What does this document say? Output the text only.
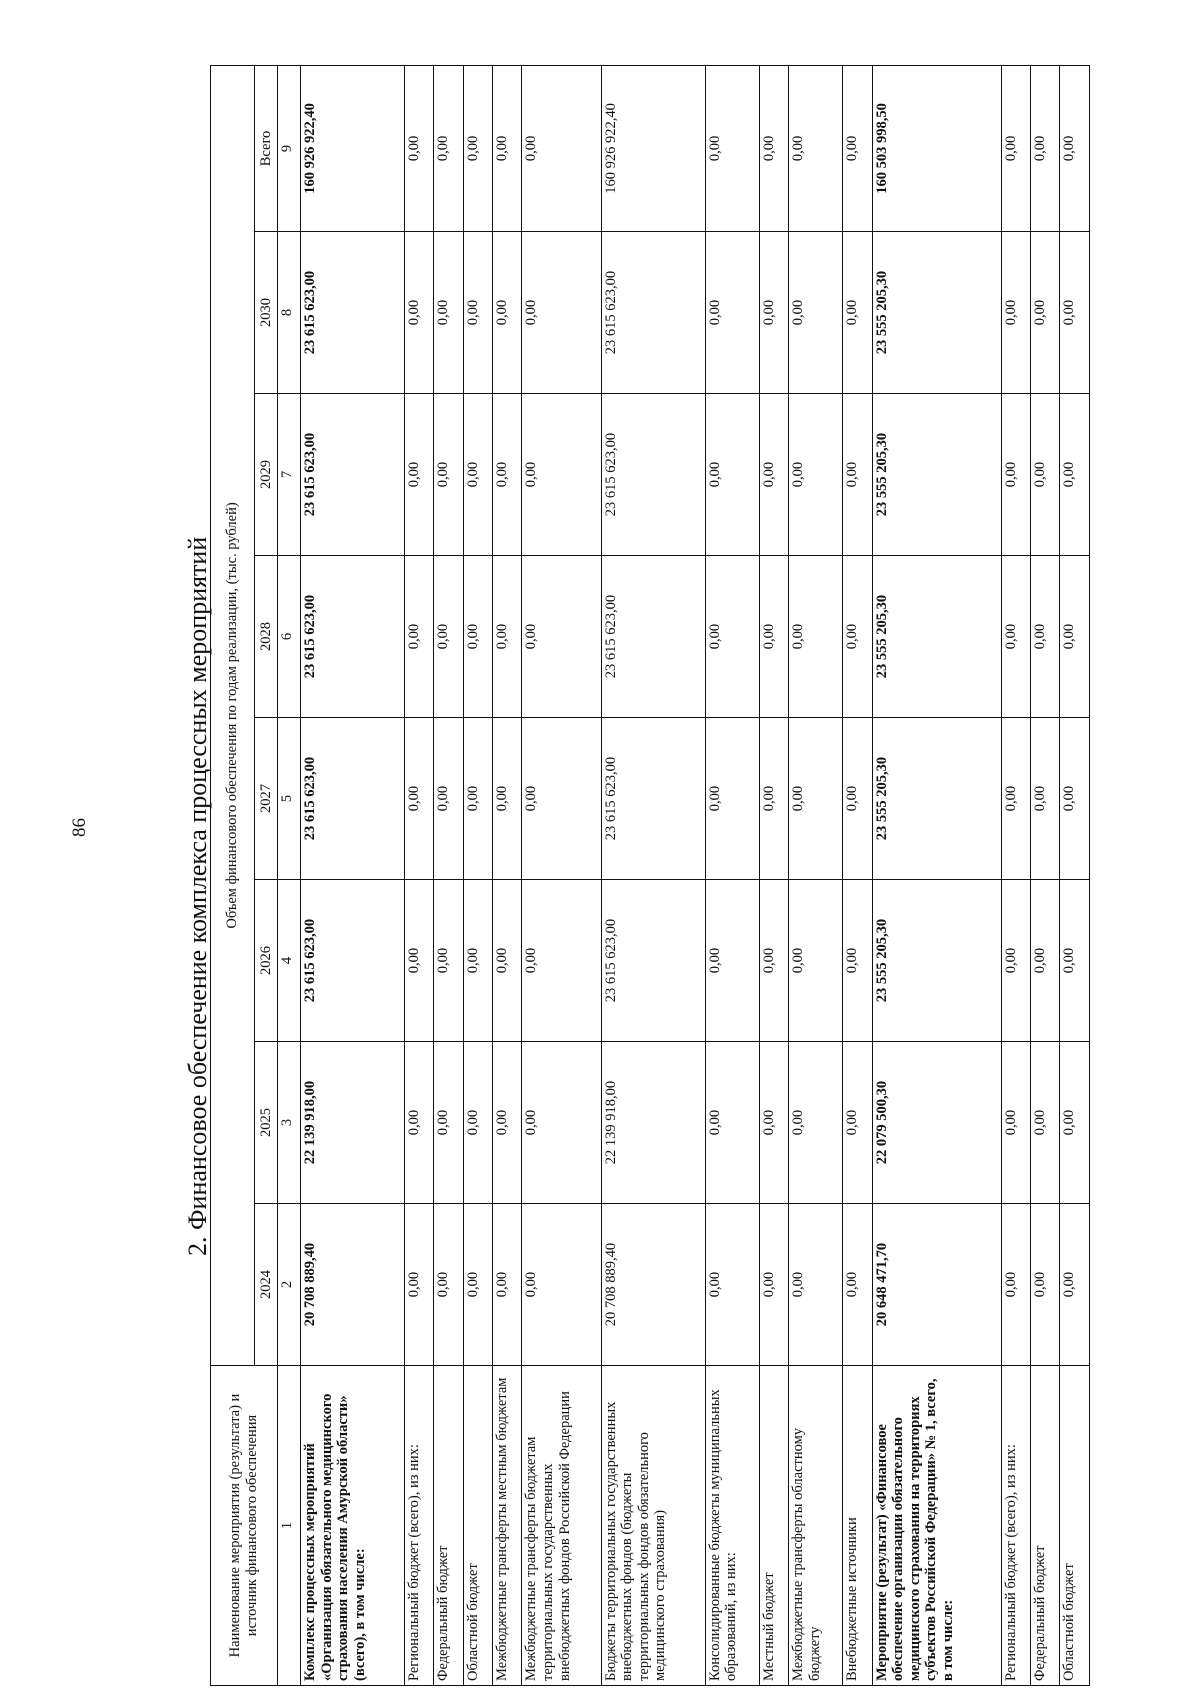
86	2. Финансовое обеспечение комплекса процессных мероприятий
Наименование мероприятия (результата) и источник финансового обеспечения	Объем финансового обеспечения по годам реализации, (тыс. рублей)							
	2024	2025	2026	2027	2028	2029	2030	Всего
1	2	3	4	5	6	7	8	9
Комплекс процессных мероприятий «Организация обязательного медицинского страхования населения Амурской области» (всего), в том числе:	20 708 889,40	22 139 918,00	23 615 623,00	23 615 623,00	23 615 623,00	23 615 623,00	23 615 623,00	160 926 922,40
Региональный бюджет (всего), из них:	0,00	0,00	0,00	0,00	0,00	0,00	0,00	0,00
Федеральный бюджет	0,00	0,00	0,00	0,00	0,00	0,00	0,00	0,00
Областной бюджет	0,00	0,00	0,00	0,00	0,00	0,00	0,00	0,00
Межбюджетные трансферты местным бюджетам	0,00	0,00	0,00	0,00	0,00	0,00	0,00	0,00
Межбюджетные трансферты бюджетам территориальных государственных внебюджетных фондов Российской Федерации	0,00	0,00	0,00	0,00	0,00	0,00	0,00	0,00
Бюджеты территориальных государственных внебюджетных фондов (бюджеты территориальных фондов обязательного медицинского страхования)	20 708 889,40	22 139 918,00	23 615 623,00	23 615 623,00	23 615 623,00	23 615 623,00	23 615 623,00	160 926 922,40
Консолидированные бюджеты муниципальных образований, из них:	0,00	0,00	0,00	0,00	0,00	0,00	0,00	0,00
Местный бюджет	0,00	0,00	0,00	0,00	0,00	0,00	0,00	0,00
Межбюджетные трансферты областному бюджету	0,00	0,00	0,00	0,00	0,00	0,00	0,00	0,00
Внебюджетные источники	0,00	0,00	0,00	0,00	0,00	0,00	0,00	0,00
Мероприятие (результат) «Финансовое обеспечение организации обязательного медицинского страхования на территориях субъектов Российской Федерации» № 1, всего, в том числе:	20 648 471,70	22 079 500,30	23 555 205,30	23 555 205,30	23 555 205,30	23 555 205,30	23 555 205,30	160 503 998,50
Региональный бюджет (всего), из них:	0,00	0,00	0,00	0,00	0,00	0,00	0,00	0,00
Федеральный бюджет	0,00	0,00	0,00	0,00	0,00	0,00	0,00	0,00
Областной бюджет	0,00	0,00	0,00	0,00	0,00	0,00	0,00	0,00
